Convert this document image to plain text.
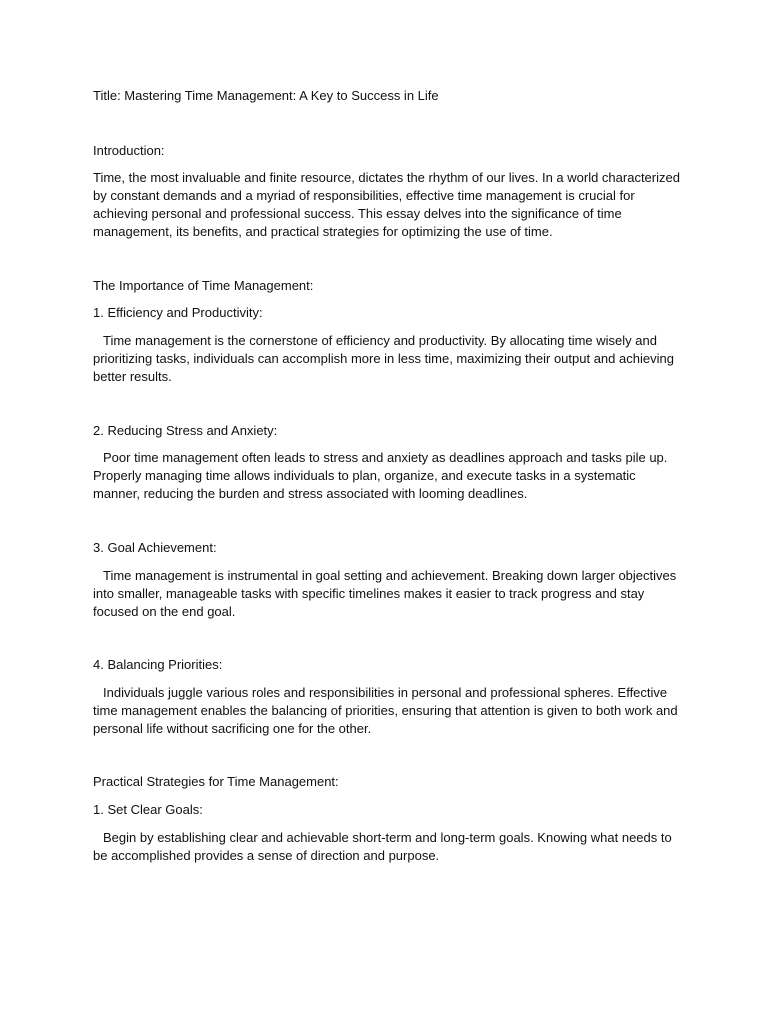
Title: Mastering Time Management: A Key to Success in Life

Introduction:

Time, the most invaluable and finite resource, dictates the rhythm of our lives. In a world characterized by constant demands and a myriad of responsibilities, effective time management is crucial for achieving personal and professional success. This essay delves into the significance of time management, its benefits, and practical strategies for optimizing the use of time.

The Importance of Time Management:

1. Efficiency and Productivity:

Time management is the cornerstone of efficiency and productivity. By allocating time wisely and prioritizing tasks, individuals can accomplish more in less time, maximizing their output and achieving better results.

2. Reducing Stress and Anxiety:

Poor time management often leads to stress and anxiety as deadlines approach and tasks pile up. Properly managing time allows individuals to plan, organize, and execute tasks in a systematic manner, reducing the burden and stress associated with looming deadlines.

3. Goal Achievement:

Time management is instrumental in goal setting and achievement. Breaking down larger objectives into smaller, manageable tasks with specific timelines makes it easier to track progress and stay focused on the end goal.

4. Balancing Priorities:

Individuals juggle various roles and responsibilities in personal and professional spheres. Effective time management enables the balancing of priorities, ensuring that attention is given to both work and personal life without sacrificing one for the other.

Practical Strategies for Time Management:

1. Set Clear Goals:

Begin by establishing clear and achievable short-term and long-term goals. Knowing what needs to be accomplished provides a sense of direction and purpose.
